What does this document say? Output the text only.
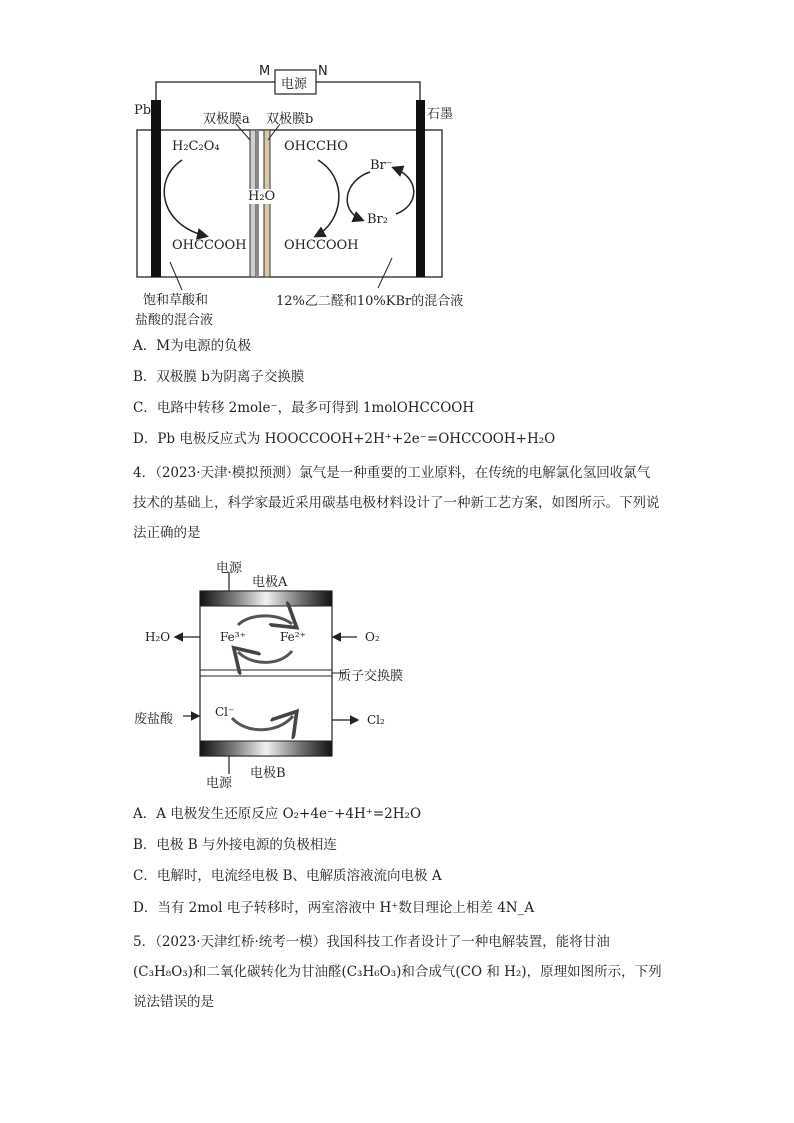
M	N
电源
Pb	石墨
双极膜a 双极膜b
H₂C₂O₄
OHCCOOH
H₂O
OHCCHO
Br⁻
Br₂
OHCCOOH
饱和草酸和
盐酸的混合液
12%乙二醛和10%KBr的混合液
A．M为电源的负极
B．双极膜 b为阴离子交换膜
C．电路中转移 2mole⁻，最多可得到 1molOHCCOOH
D．Pb 电极反应式为 HOOCCOOH+2H⁺+2e⁻=OHCCOOH+H₂O
4．（2023·天津·模拟预测）氯气是一种重要的工业原料，在传统的电解氯化氢回收氯气技术的基础上，科学家最近采用碳基电极材料设计了一种新工艺方案，如图所示。下列说法正确的是
电源
电极A
Fe³⁺	Fe²⁺
H₂O	O₂
质子交换膜
废盐酸	Cl⁻
Cl₂
电源
电极B
A．A 电极发生还原反应 O₂+4e⁻+4H⁺=2H₂O
B．电极 B 与外接电源的负极相连
C．电解时，电流经电极 B、电解质溶液流向电极 A
D．当有 2mol 电子转移时，两室溶液中 H⁺数目理论上相差 4N_A
5．（2023·天津红桥·统考一模）我国科技工作者设计了一种电解装置，能将甘油(C₃H₈O₃)和二氧化碳转化为甘油醛(C₃H₆O₃)和合成气(CO 和 H₂)，原理如图所示，下列说法错误的是
